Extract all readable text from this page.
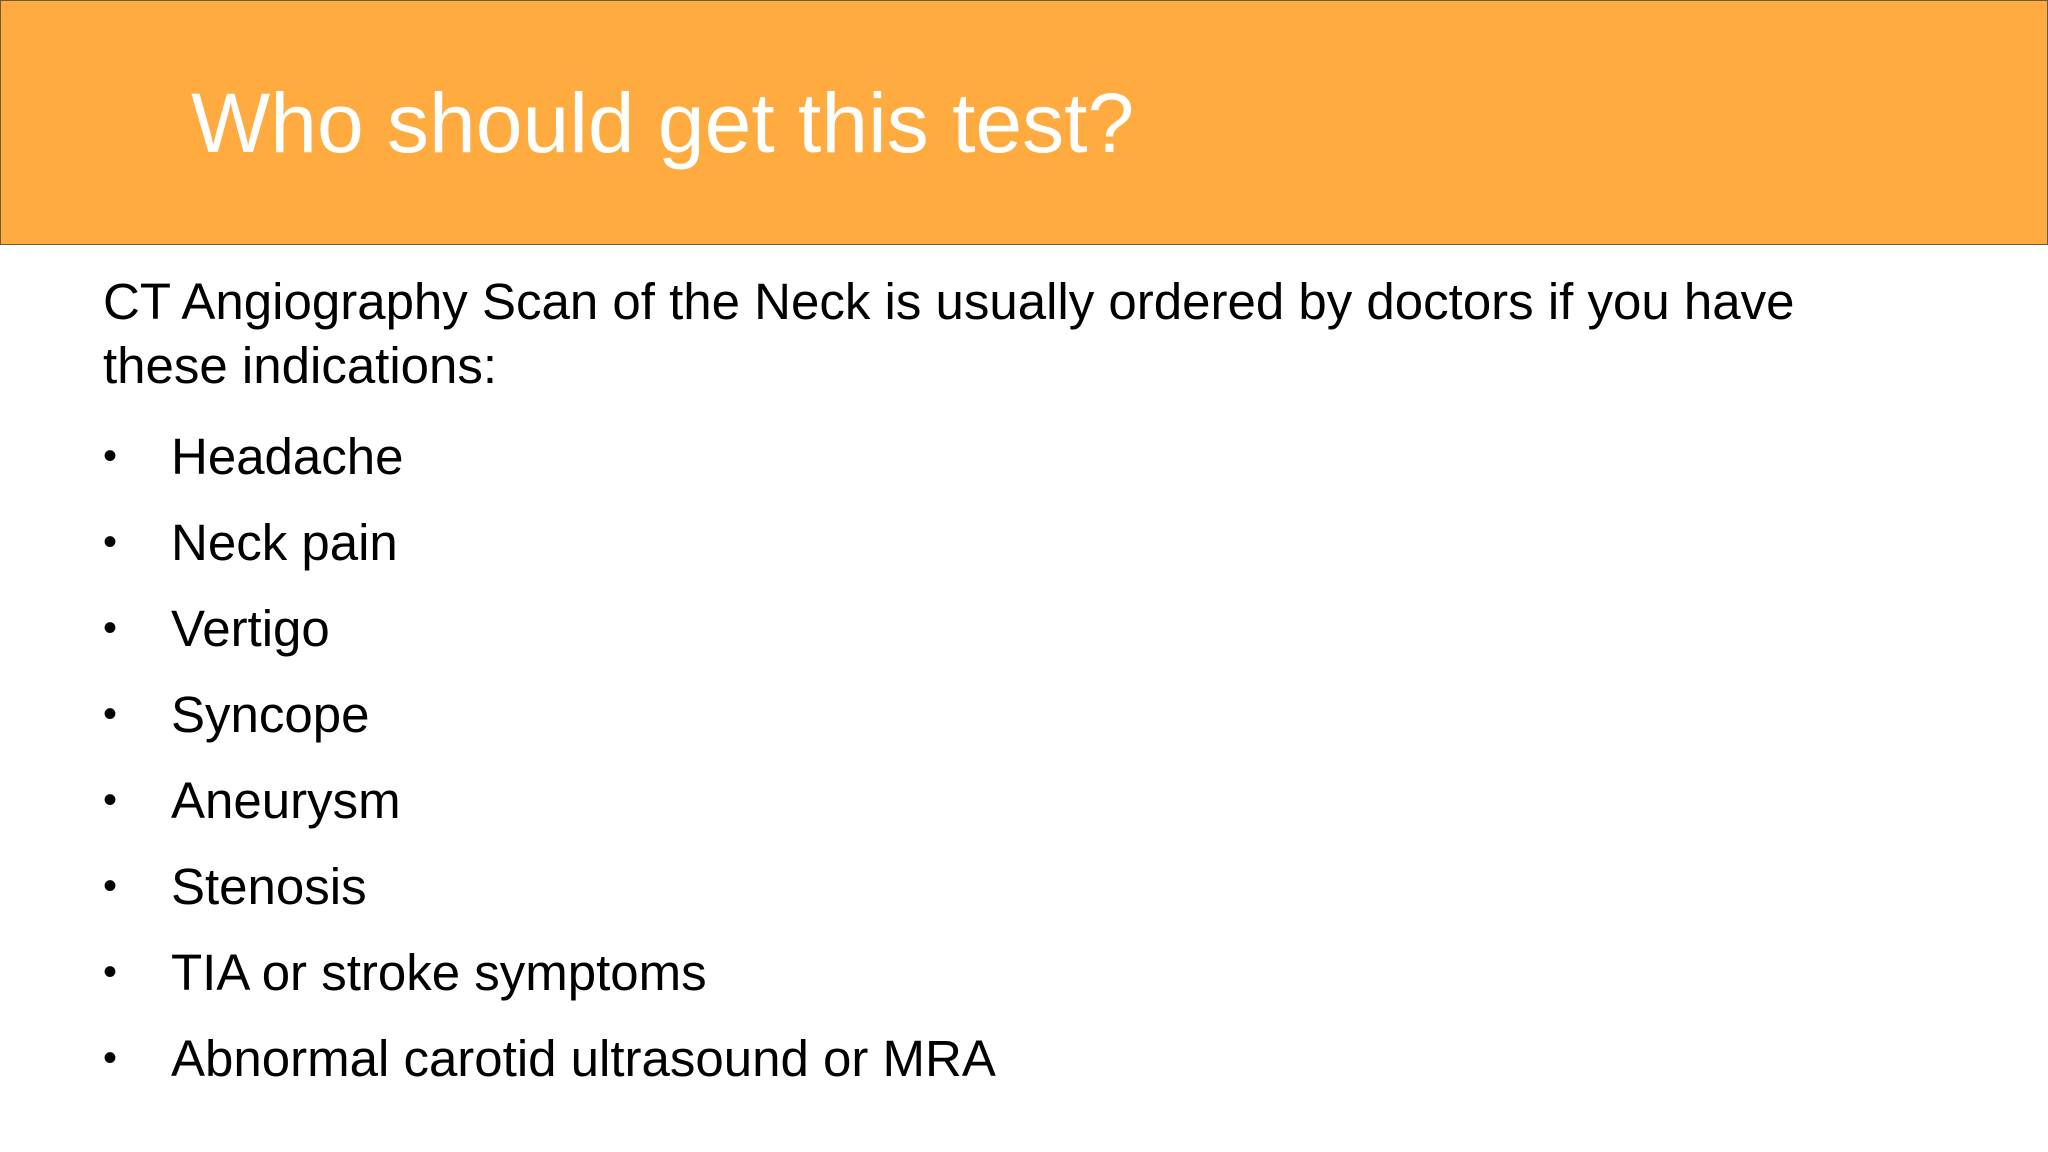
Who should get this test?

CT Angiography Scan of the Neck is usually ordered by doctors if you have these indications:

•	Headache
•	Neck pain
•	Vertigo
•	Syncope
•	Aneurysm
•	Stenosis
•	TIA or stroke symptoms
•	Abnormal carotid ultrasound or MRA
